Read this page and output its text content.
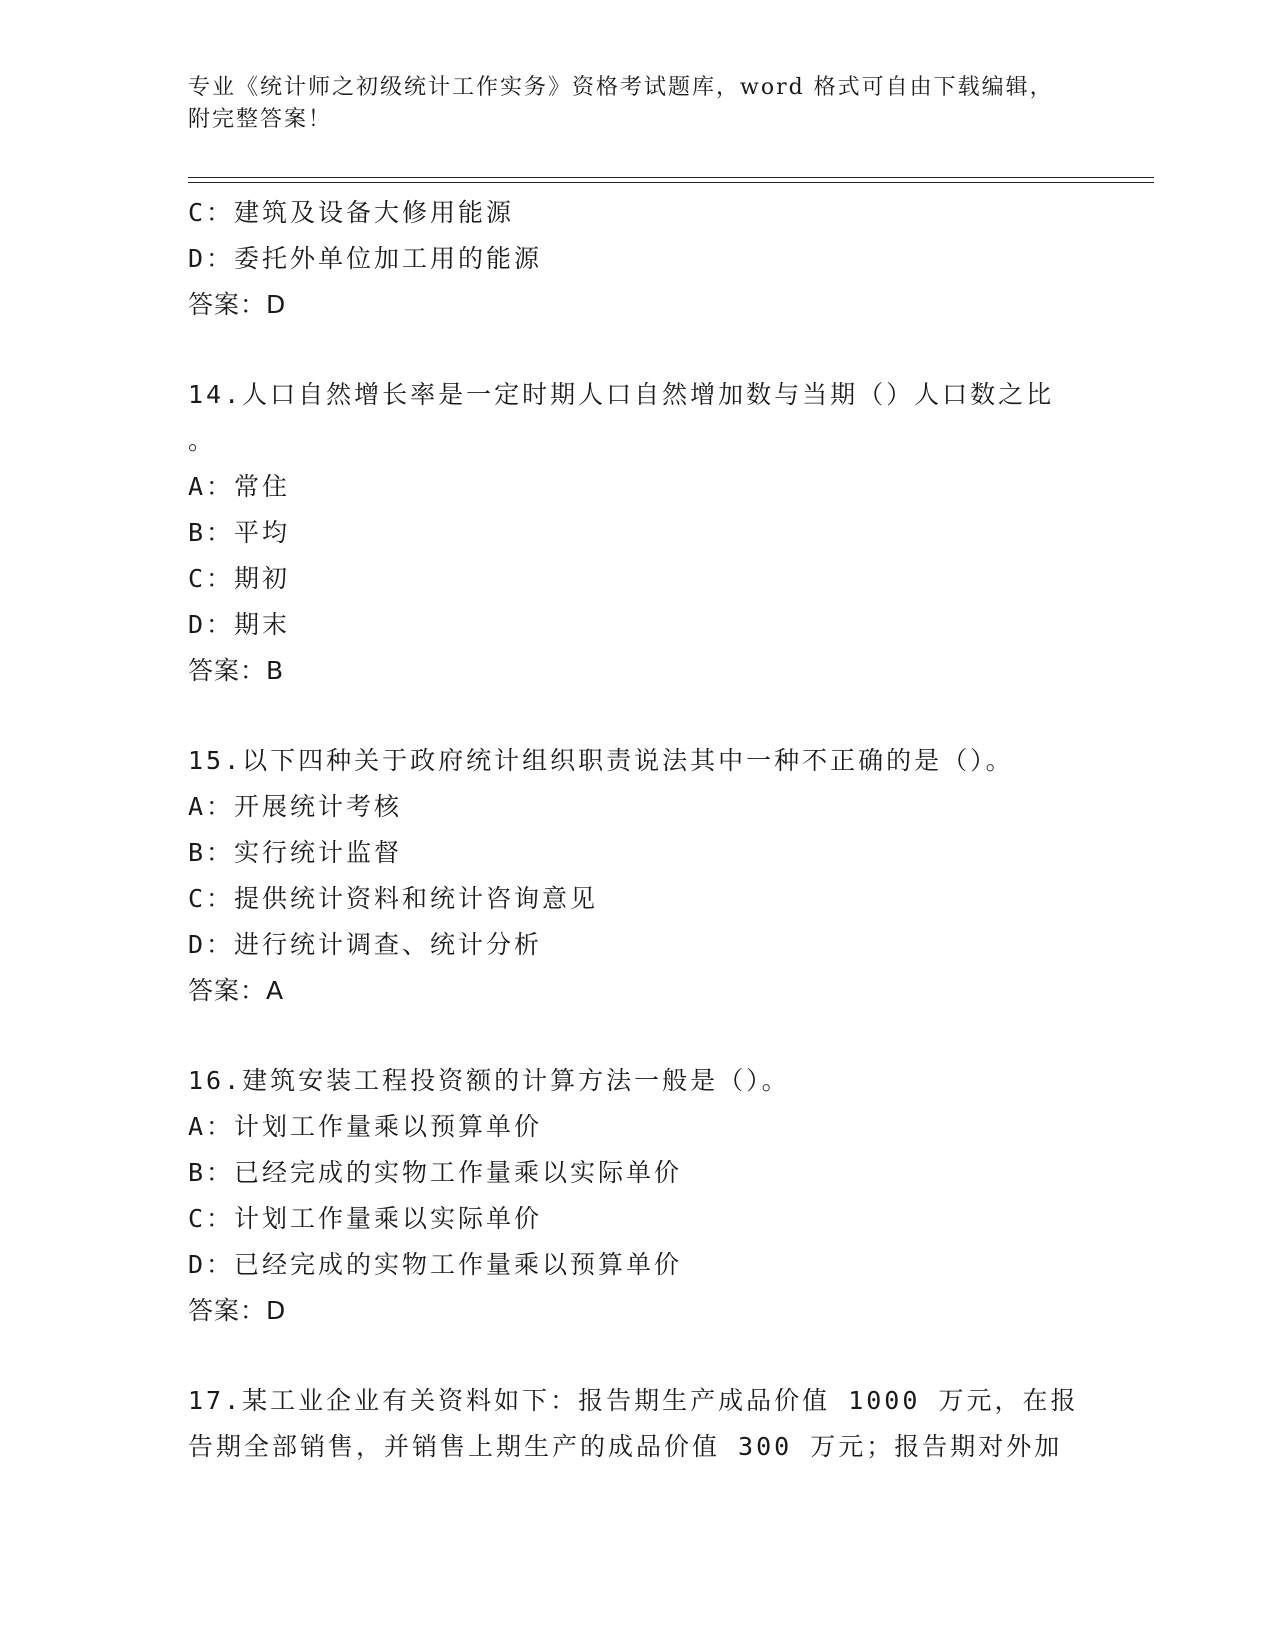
专业《统计师之初级统计工作实务》资格考试题库，word 格式可自由下载编辑，
附完整答案！
C：建筑及设备大修用能源
D：委托外单位加工用的能源
答案：D
14.人口自然增长率是一定时期人口自然增加数与当期（）人口数之比
。
A：常住
B：平均
C：期初
D：期末
答案：B
15.以下四种关于政府统计组织职责说法其中一种不正确的是（）。
A：开展统计考核
B：实行统计监督
C：提供统计资料和统计咨询意见
D：进行统计调查、统计分析
答案：A
16.建筑安装工程投资额的计算方法一般是（）。
A：计划工作量乘以预算单价
B：已经完成的实物工作量乘以实际单价
C：计划工作量乘以实际单价
D：已经完成的实物工作量乘以预算单价
答案：D
17.某工业企业有关资料如下：报告期生产成品价值 1000 万元，在报
告期全部销售，并销售上期生产的成品价值 300 万元；报告期对外加
